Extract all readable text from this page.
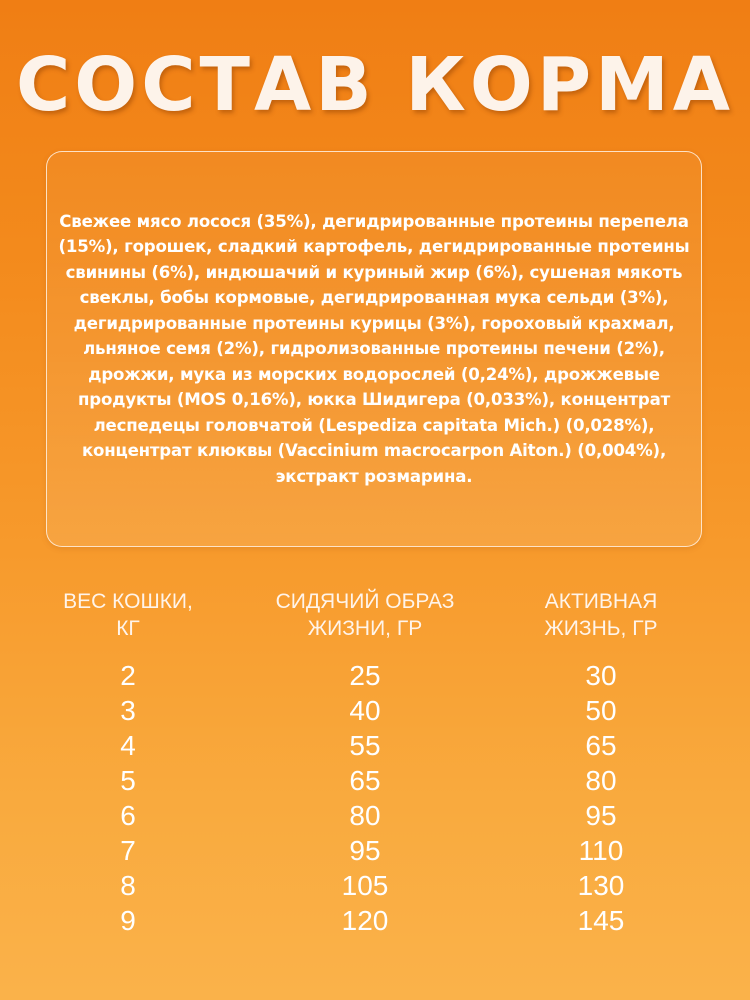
СОСТАВ КОРМА

Свежее мясо лосося (35%), дегидрированные протеины перепела (15%), горошек, сладкий картофель, дегидрированные протеины свинины (6%), индюшачий и куриный жир (6%), сушеная мякоть свеклы, бобы кормовые, дегидрированная мука сельди (3%), дегидрированные протеины курицы (3%), гороховый крахмал, льняное семя (2%), гидролизованные протеины печени (2%), дрожжи, мука из морских водорослей (0,24%), дрожжевые продукты (MOS 0,16%), юкка Шидигера (0,033%), концентрат леспедецы головчатой (Lespediza capitata Mich.) (0,028%), концентрат клюквы (Vaccinium macrocarpon Aiton.) (0,004%), экстракт розмарина.

ВЕС КОШКИ,
КГ
2
3
4
5
6
7
8
9
СИДЯЧИЙ ОБРАЗ
ЖИЗНИ, ГР
25
40
55
65
80
95
105
120
АКТИВНАЯ
ЖИЗНЬ, ГР
30
50
65
80
95
110
130
145
